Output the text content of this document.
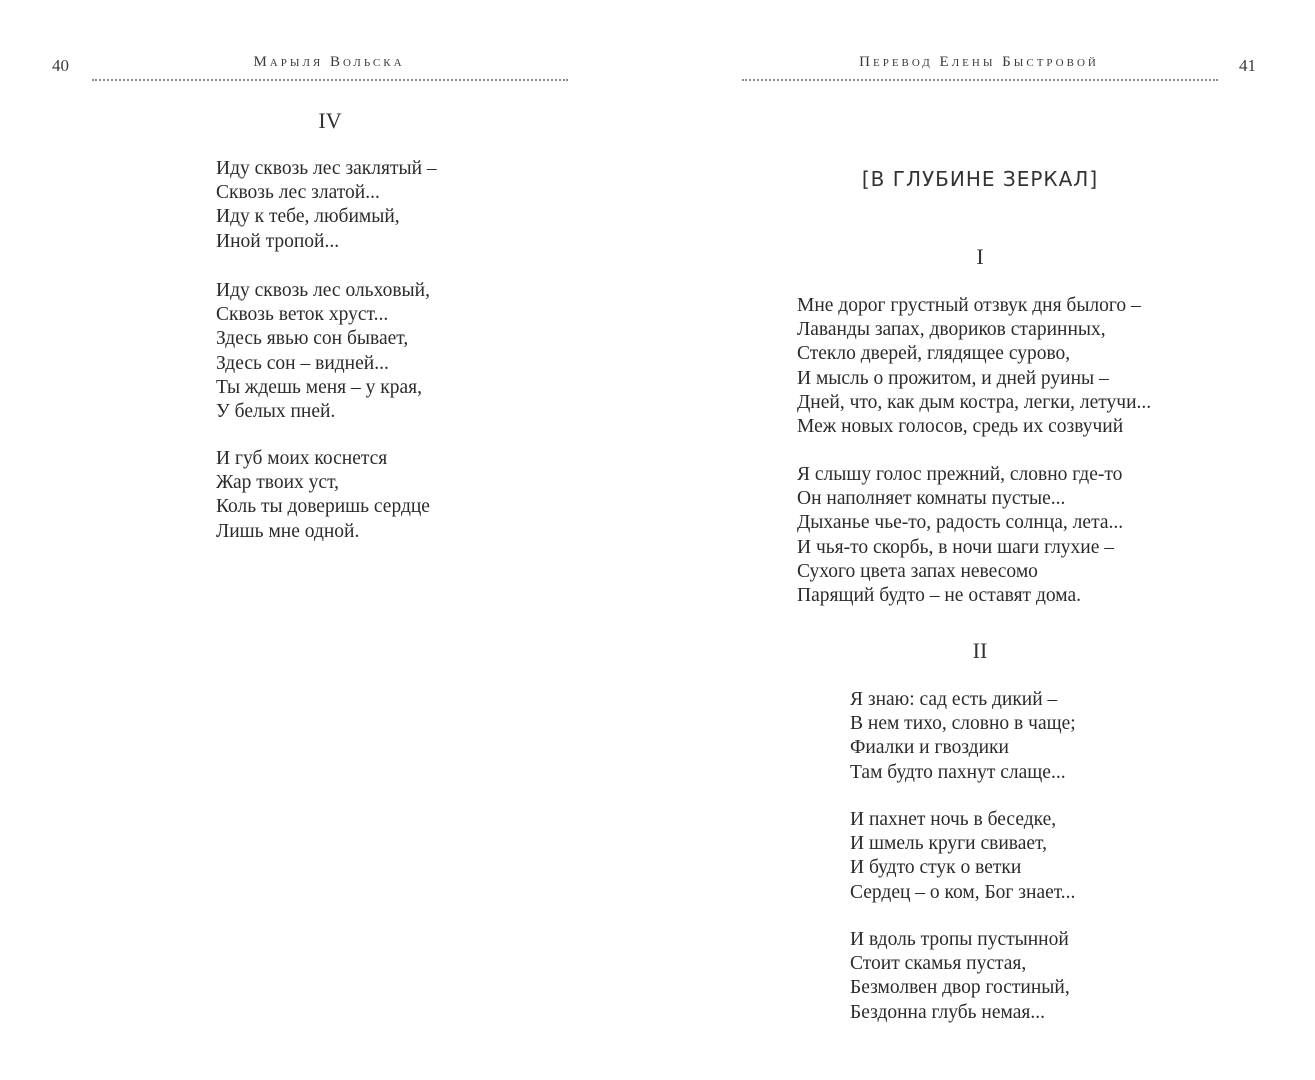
40	Марыля Вольска
IV
Иду сквозь лес заклятый –
Сквозь лес златой...
Иду к тебе, любимый,
Иной тропой...
Иду сквозь лес ольховый,
Сквозь веток хруст...
Здесь явью сон бывает,
Здесь сон – видней...
Ты ждешь меня – у края,
У белых пней.
И губ моих коснется
Жар твоих уст,
Коль ты доверишь сердце
Лишь мне одной.
Перевод Елены Быстровой	41
[В ГЛУБИНЕ ЗЕРКАЛ]
I
Мне дорог грустный отзвук дня былого –
Лаванды запах, двориков старинных,
Стекло дверей, глядящее сурово,
И мысль о прожитом, и дней руины –
Дней, что, как дым костра, легки, летучи...
Меж новых голосов, средь их созвучий
Я слышу голос прежний, словно где-то
Он наполняет комнаты пустые...
Дыханье чье-то, радость солнца, лета...
И чья-то скорбь, в ночи шаги глухие –
Сухого цвета запах невесомо
Парящий будто – не оставят дома.
II
Я знаю: сад есть дикий –
В нем тихо, словно в чаще;
Фиалки и гвоздики
Там будто пахнут слаще...
И пахнет ночь в беседке,
И шмель круги свивает,
И будто стук о ветки
Сердец – о ком, Бог знает...
И вдоль тропы пустынной
Стоит скамья пустая,
Безмолвен двор гостиный,
Бездонна глубь немая...
